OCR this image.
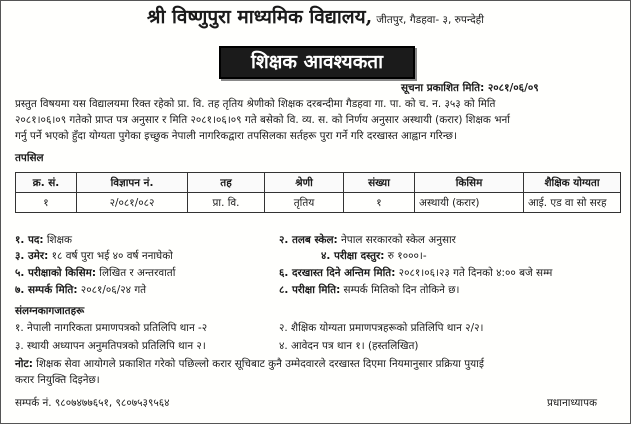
श्री विष्णुपुरा माध्यमिक विद्यालय, जीतपुर, गैडहवा- ३, रुपन्देही
शिक्षक आवश्यकता
सूचना प्रकाशित मिति: २०८१/०६/०९
प्रस्तुत विषयमा यस विद्यालयमा रिक्त रहेको प्रा. वि. तह तृतिय श्रेणीको शिक्षक दरबन्दीमा गैडहवा गा. पा. को च. न. ३५३ को मिति
२०८१।०६।०९ गतेको प्राप्त पत्र अनुसार र मिति २०८१।०६।०९ गते बसेको वि. व्य. स. को निर्णय अनुसार अस्थायी (करार) शिक्षक भर्ना
गर्नु पर्ने भएको हुँदा योग्यता पुगेका इच्छुक नेपाली नागरिकद्वारा तपसिलका सर्तहरू पुरा गर्ने गरि दरखास्त आह्वान गरिन्छ।
तपसिल
क्र. सं.	विज्ञापन नं.	तह	श्रेणी	संख्या	किसिम	शैक्षिक योग्यता
१	२/०८१/०८२	प्रा. वि.	तृतिय	१	अस्थायी (करार)	आई. एड वा सो सरह
१. पद: शिक्षक	२. तलब स्केल: नेपाल सरकारको स्केल अनुसार
३. उमेर: १८ वर्ष पुरा भई ४० वर्ष ननाघेको	४. परीक्षा दस्तुर: रु १०००।-
५. परीक्षाको किसिम: लिखित र अन्तरवार्ता	६. दरखास्त दिने अन्तिम मिति: २०८१।०६।२३ गते दिनको ४:०० बजे सम्म
७. सम्पर्क मिति: २०८१/०६/२४ गते	८. परीक्षा मिति: सम्पर्क मितिको दिन तोकिने छ।
संलग्नकागजातहरू
१. नेपाली नागरिकता प्रमाणपत्रको प्रतिलिपि थान -२	२. शैक्षिक योग्यता प्रमाणपत्रहरूको प्रतिलिपि थान २/२।
३. स्थायी अध्यापन अनुमतिपत्रको प्रतिलिपि थान २।	४. आवेदन पत्र थान १। (हस्तलिखित)
नोट: शिक्षक सेवा आयोगले प्रकाशित गरेको पछिल्लो करार सूचिबाट कुनै उम्मेदवारले दरखास्त दिएमा नियमानुसार प्रक्रिया पुयाई
करार नियुक्ति दिइनेछ।
सम्पर्क नं. ९८०७४७७६५१, ९८०७५३९५६४	प्रधानाध्यापक
